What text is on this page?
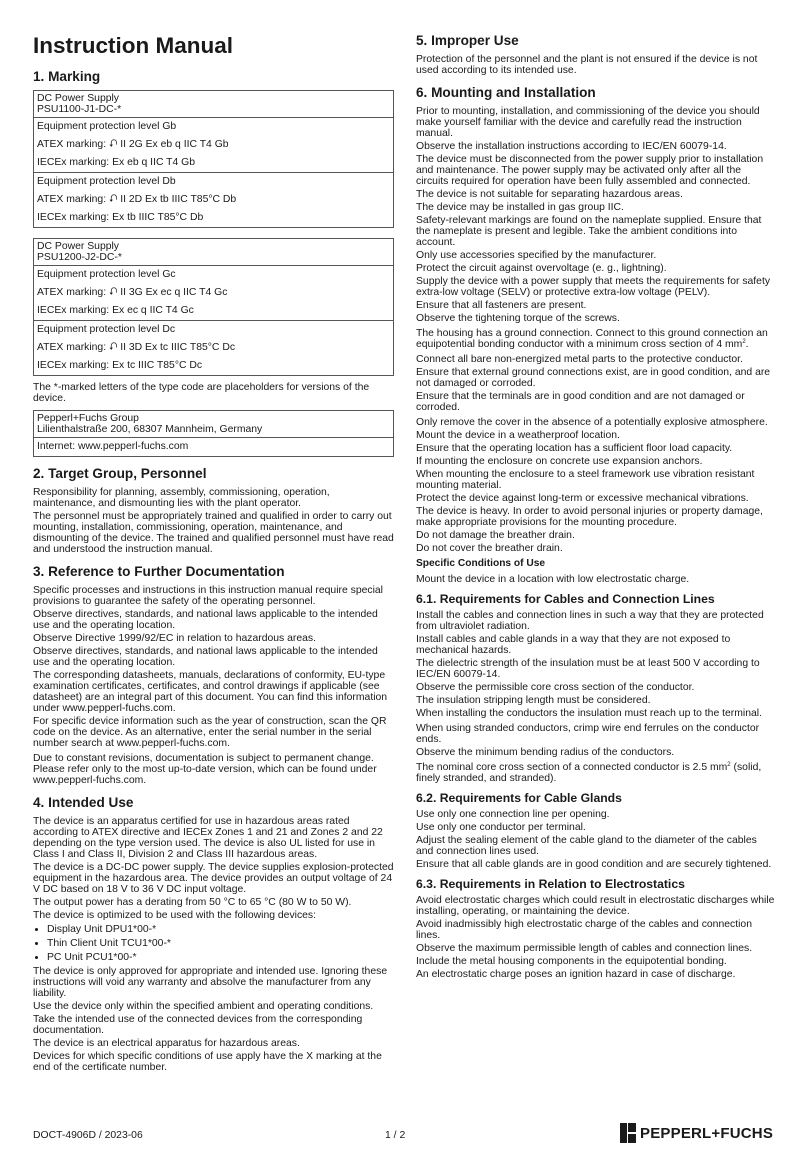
Instruction Manual
1. Marking
DC Power Supply
PSU1100-J1-DC-*
Equipment protection level Gb
ATEX marking: ⮏ II 2G Ex eb q IIC T4 Gb
IECEx marking: Ex eb q IIC T4 Gb
Equipment protection level Db
ATEX marking: ⮏ II 2D Ex tb IIIC T85°C Db
IECEx marking: Ex tb IIIC T85°C Db
DC Power Supply
PSU1200-J2-DC-*
Equipment protection level Gc
ATEX marking: ⮏ II 3G Ex ec q IIC T4 Gc
IECEx marking: Ex ec q IIC T4 Gc
Equipment protection level Dc
ATEX marking: ⮏ II 3D Ex tc IIIC T85°C Dc
IECEx marking: Ex tc IIIC T85°C Dc

The *-marked letters of the type code are placeholders for versions of the device.

Pepperl+Fuchs Group
Lilienthalstraße 200, 68307 Mannheim, Germany
Internet: www.pepperl-fuchs.com
2. Target Group, Personnel

Responsibility for planning, assembly, commissioning, operation, maintenance, and dismounting lies with the plant operator.

The personnel must be appropriately trained and qualified in order to carry out mounting, installation, commissioning, operation, maintenance, and dismounting of the device. The trained and qualified personnel must have read and understood the instruction manual.

3. Reference to Further Documentation

Specific processes and instructions in this instruction manual require special provisions to guarantee the safety of the operating personnel.

Observe directives, standards, and national laws applicable to the intended use and the operating location.

Observe Directive 1999/92/EC in relation to hazardous areas.

Observe directives, standards, and national laws applicable to the intended use and the operating location.

The corresponding datasheets, manuals, declarations of conformity, EU-type examination certificates, certificates, and control drawings if applicable (see datasheet) are an integral part of this document. You can find this information under www.pepperl-fuchs.com.

For specific device information such as the year of construction, scan the QR code on the device. As an alternative, enter the serial number in the serial number search at www.pepperl-fuchs.com.

Due to constant revisions, documentation is subject to permanent change. Please refer only to the most up-to-date version, which can be found under www.pepperl-fuchs.com.

4. Intended Use

The device is an apparatus certified for use in hazardous areas rated according to ATEX directive and IECEx Zones 1 and 21 and Zones 2 and 22 depending on the type version used. The device is also UL listed for use in Class I and Class II, Division 2 and Class III hazardous areas.

The device is a DC-DC power supply. The device supplies explosion-protected equipment in the hazardous area. The device provides an output voltage of 24 V DC based on 18 V to 36 V DC input voltage.

The output power has a derating from 50 °C to 65 °C (80 W to 50 W).

The device is optimized to be used with the following devices:

• Display Unit DPU1*00-*
• Thin Client Unit TCU1*00-*
• PC Unit PCU1*00-*

The device is only approved for appropriate and intended use. Ignoring these instructions will void any warranty and absolve the manufacturer from any liability.

Use the device only within the specified ambient and operating conditions.

Take the intended use of the connected devices from the corresponding documentation.

The device is an electrical apparatus for hazardous areas.

Devices for which specific conditions of use apply have the X marking at the end of the certificate number.

5. Improper Use

Protection of the personnel and the plant is not ensured if the device is not used according to its intended use.

6. Mounting and Installation

Prior to mounting, installation, and commissioning of the device you should make yourself familiar with the device and carefully read the instruction manual.

Observe the installation instructions according to IEC/EN 60079-14.

The device must be disconnected from the power supply prior to installation and maintenance. The power supply may be activated only after all the circuits required for operation have been fully assembled and connected.

The device is not suitable for separating hazardous areas.

The device may be installed in gas group IIC.

Safety-relevant markings are found on the nameplate supplied. Ensure that the nameplate is present and legible. Take the ambient conditions into account.

Only use accessories specified by the manufacturer.

Protect the circuit against overvoltage (e. g., lightning).

Supply the device with a power supply that meets the requirements for safety extra-low voltage (SELV) or protective extra-low voltage (PELV).

Ensure that all fasteners are present.

Observe the tightening torque of the screws.

The housing has a ground connection. Connect to this ground connection an equipotential bonding conductor with a minimum cross section of 4 $mm^2$.

Connect all bare non-energized metal parts to the protective conductor.

Ensure that external ground connections exist, are in good condition, and are not damaged or corroded.

Ensure that the terminals are in good condition and are not damaged or corroded.

Only remove the cover in the absence of a potentially explosive atmosphere.

Mount the device in a weatherproof location.

Ensure that the operating location has a sufficient floor load capacity.

If mounting the enclosure on concrete use expansion anchors.

When mounting the enclosure to a steel framework use vibration resistant mounting material.

Protect the device against long-term or excessive mechanical vibrations.

The device is heavy. In order to avoid personal injuries or property damage, make appropriate provisions for the mounting procedure.

Do not damage the breather drain.

Do not cover the breather drain.

Specific Conditions of Use

Mount the device in a location with low electrostatic charge.

6.1. Requirements for Cables and Connection Lines

Install the cables and connection lines in such a way that they are protected from ultraviolet radiation.

Install cables and cable glands in a way that they are not exposed to mechanical hazards.

The dielectric strength of the insulation must be at least 500 V according to IEC/EN 60079-14.

Observe the permissible core cross section of the conductor.

The insulation stripping length must be considered.

When installing the conductors the insulation must reach up to the terminal.

When using stranded conductors, crimp wire end ferrules on the conductor ends.

Observe the minimum bending radius of the conductors.

The nominal core cross section of a connected conductor is 2.5 $mm^2$ (solid, finely stranded, and stranded).

6.2. Requirements for Cable Glands

Use only one connection line per opening.

Use only one conductor per terminal.

Adjust the sealing element of the cable gland to the diameter of the cables and connection lines used.

Ensure that all cable glands are in good condition and are securely tightened.

6.3. Requirements in Relation to Electrostatics

Avoid electrostatic charges which could result in electrostatic discharges while installing, operating, or maintaining the device.

Avoid inadmissibly high electrostatic charge of the cables and connection lines.

Observe the maximum permissible length of cables and connection lines.

Include the metal housing components in the equipotential bonding.

An electrostatic charge poses an ignition hazard in case of discharge.

DOCT-4906D / 2023-06	1 / 2	PEPPERL+FUCHS
